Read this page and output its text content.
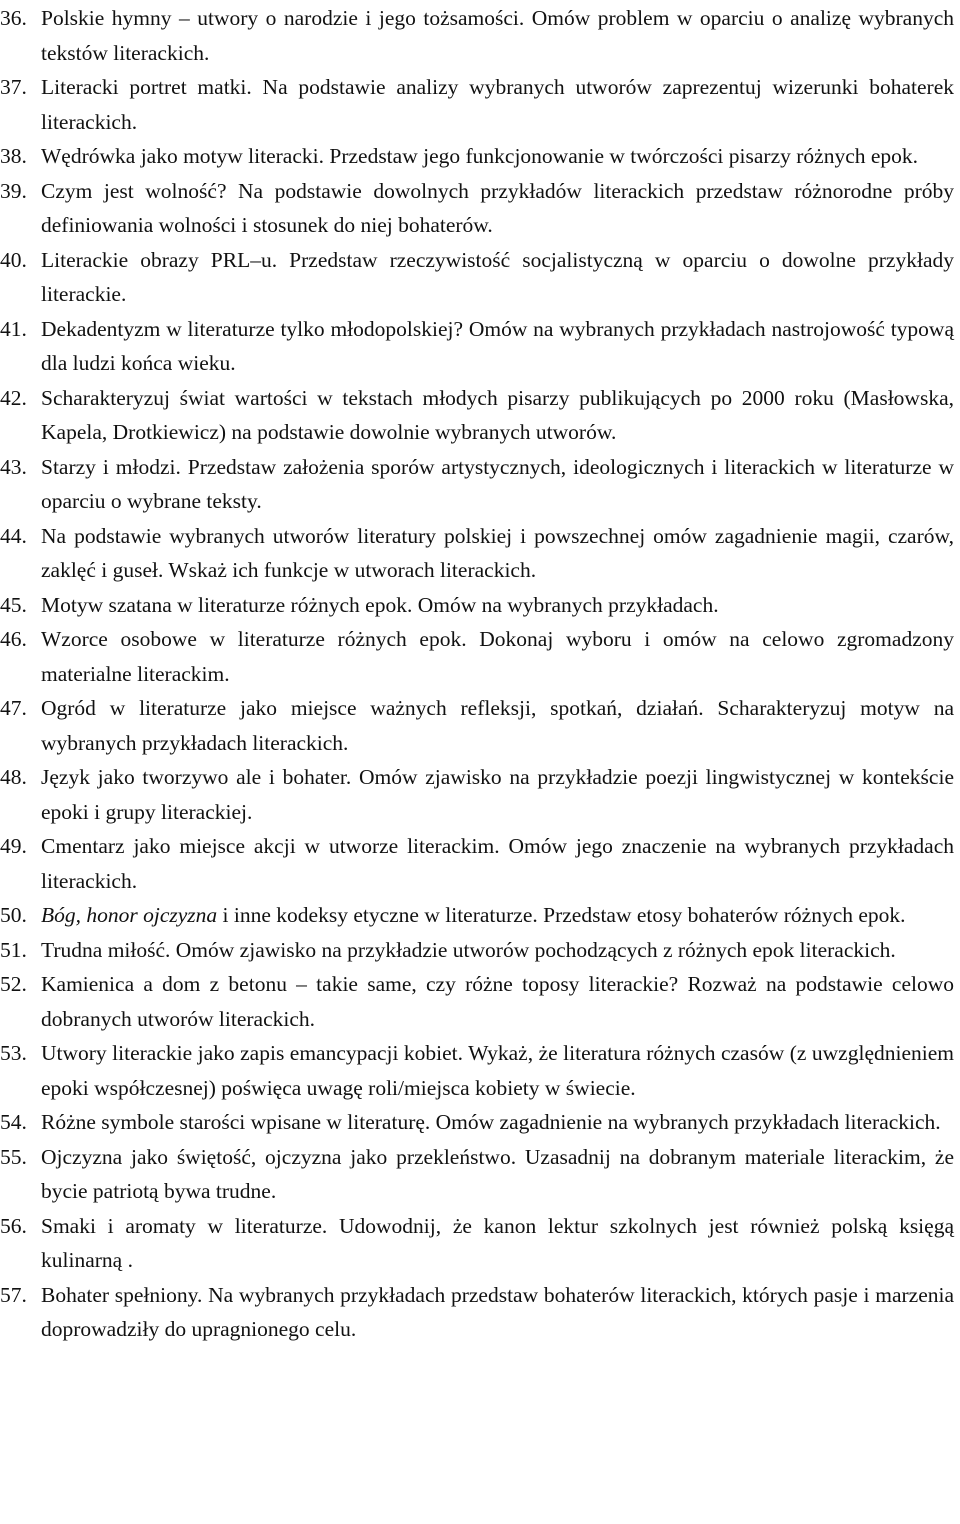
36. Polskie hymny – utwory o narodzie i jego tożsamości. Omów problem w oparciu o analizę wybranych tekstów literackich.
37. Literacki portret matki. Na podstawie analizy wybranych utworów zaprezentuj wizerunki bohaterek literackich.
38. Wędrówka jako motyw literacki. Przedstaw jego funkcjonowanie w twórczości pisarzy różnych epok.
39. Czym jest wolność? Na podstawie dowolnych przykładów literackich przedstaw różnorodne próby definiowania wolności i stosunek do niej bohaterów.
40. Literackie obrazy PRL–u. Przedstaw rzeczywistość socjalistyczną w oparciu o dowolne przykłady literackie.
41. Dekadentyzm w literaturze tylko młodopolskiej? Omów na wybranych przykładach nastrojowość typową dla ludzi końca wieku.
42. Scharakteryzuj świat wartości w tekstach młodych pisarzy publikujących po 2000 roku (Masłowska, Kapela, Drotkiewicz) na podstawie dowolnie wybranych utworów.
43. Starzy i młodzi. Przedstaw założenia sporów artystycznych, ideologicznych i literackich w literaturze w oparciu o wybrane teksty.
44. Na podstawie wybranych utworów literatury polskiej i powszechnej omów zagadnienie magii, czarów, zaklęć i guseł. Wskaż ich funkcje w utworach literackich.
45. Motyw szatana w literaturze różnych epok. Omów na wybranych przykładach.
46. Wzorce osobowe w literaturze różnych epok. Dokonaj wyboru i omów na celowo zgromadzony materialne literackim.
47. Ogród w literaturze jako miejsce ważnych refleksji, spotkań, działań. Scharakteryzuj motyw na wybranych przykładach literackich.
48. Język jako tworzywo ale i bohater. Omów zjawisko na przykładzie poezji lingwistycznej w kontekście epoki i grupy literackiej.
49. Cmentarz jako miejsce akcji w utworze literackim. Omów jego znaczenie na wybranych przykładach literackich.
50. Bóg, honor ojczyzna i inne kodeksy etyczne w literaturze. Przedstaw etosy bohaterów różnych epok.
51. Trudna miłość. Omów zjawisko na przykładzie utworów pochodzących z różnych epok literackich.
52. Kamienica a dom z betonu – takie same, czy różne toposy literackie? Rozważ na podstawie celowo dobranych utworów literackich.
53. Utwory literackie jako zapis emancypacji kobiet. Wykaż, że literatura różnych czasów (z uwzględnieniem epoki współczesnej) poświęca uwagę roli/miejsca kobiety w świecie.
54. Różne symbole starości wpisane w literaturę. Omów zagadnienie na wybranych przykładach literackich.
55. Ojczyzna jako świętość, ojczyzna jako przekleństwo. Uzasadnij na dobranym materiale literackim, że bycie patriotą bywa trudne.
56. Smaki i aromaty w literaturze. Udowodnij, że kanon lektur szkolnych jest również polską księgą kulinarną .
57. Bohater spełniony. Na wybranych przykładach przedstaw bohaterów literackich, których pasje i marzenia doprowadziły do upragnionego celu.
